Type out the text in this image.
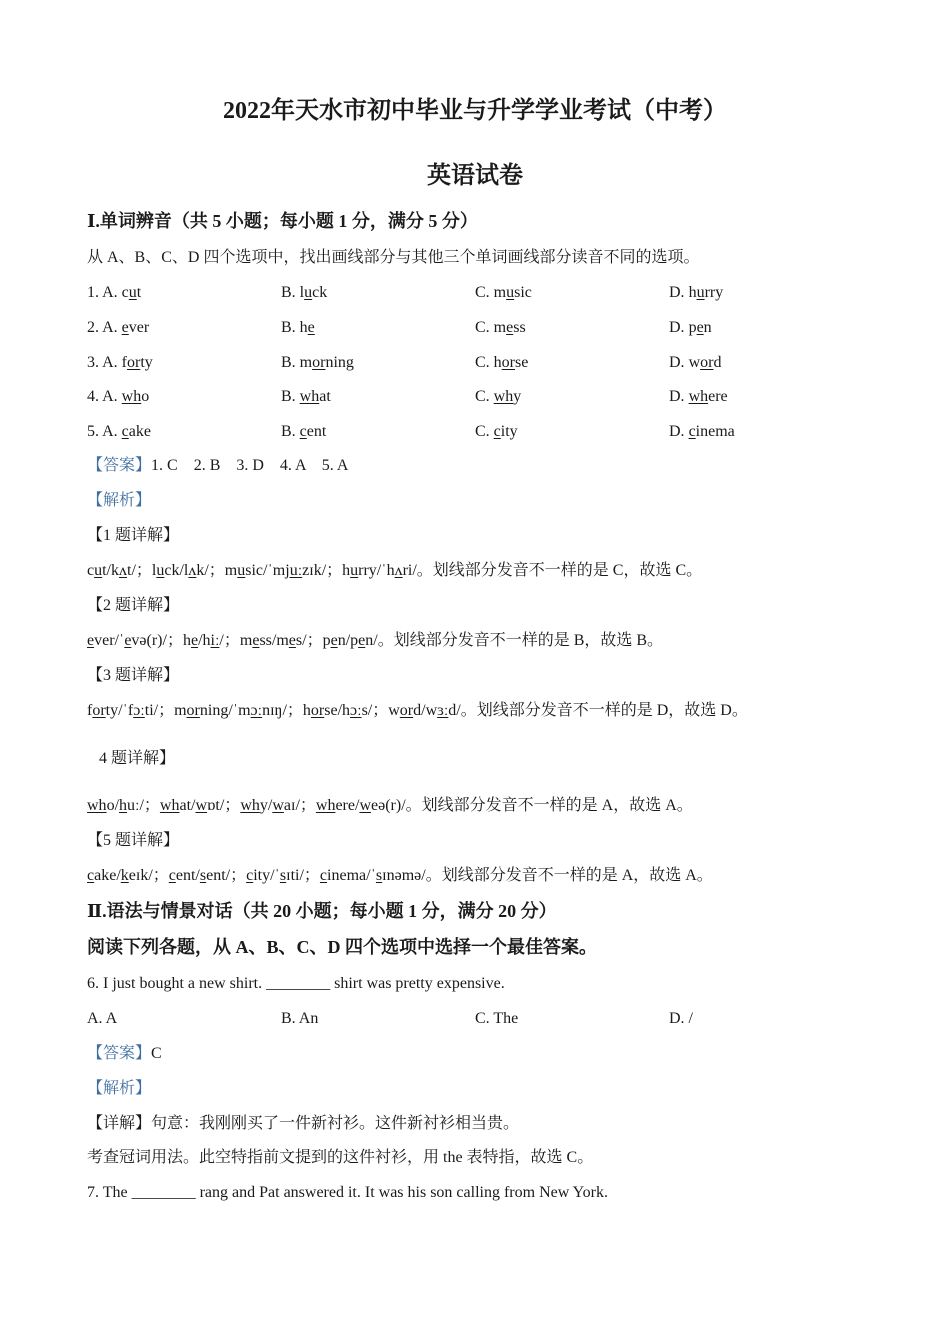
2022年天水市初中毕业与升学学业考试（中考）
英语试卷
Ⅰ.单词辨音（共 5 小题；每小题 1 分，满分 5 分）
从 A、B、C、D 四个选项中，找出画线部分与其他三个单词画线部分读音不同的选项。
1. A. cut	B. luck	C. music	D. hurry
2. A. ever	B. he	C. mess	D. pen
3. A. forty	B. morning	C. horse	D. word
4. A. who	B. what	C. why	D. where
5. A. cake	B. cent	C. city	D. cinema
【答案】1. C　2. B　3. D　4. A　5. A
【解析】
【1 题详解】
cut/kʌt/；luck/lʌk/；music/ˈmjuːzɪk/；hurry/ˈhʌri/。划线部分发音不一样的是 C，故选 C。
【2 题详解】
ever/ˈevə(r)/；he/hiː/；mess/mes/；pen/pen/。划线部分发音不一样的是 B，故选 B。
【3 题详解】
forty/ˈfɔːti/；morning/ˈmɔːnɪŋ/；horse/hɔːs/；word/wɜːd/。划线部分发音不一样的是 D，故选 D。
4 题详解】
who/huː/；what/wɒt/；why/waɪ/；where/weə(r)/。划线部分发音不一样的是 A，故选 A。
【5 题详解】
cake/keɪk/；cent/sent/；city/ˈsɪti/；cinema/ˈsɪnəmə/。划线部分发音不一样的是 A，故选 A。
Ⅱ.语法与情景对话（共 20 小题；每小题 1 分，满分 20 分）
阅读下列各题，从 A、B、C、D 四个选项中选择一个最佳答案。
6. I just bought a new shirt. ________ shirt was pretty expensive.
A. A	B. An	C. The	D. /
【答案】C
【解析】
【详解】句意：我刚刚买了一件新衬衫。这件新衬衫相当贵。
考查冠词用法。此空特指前文提到的这件衬衫，用 the 表特指，故选 C。
7. The ________ rang and Pat answered it. It was his son calling from New York.
